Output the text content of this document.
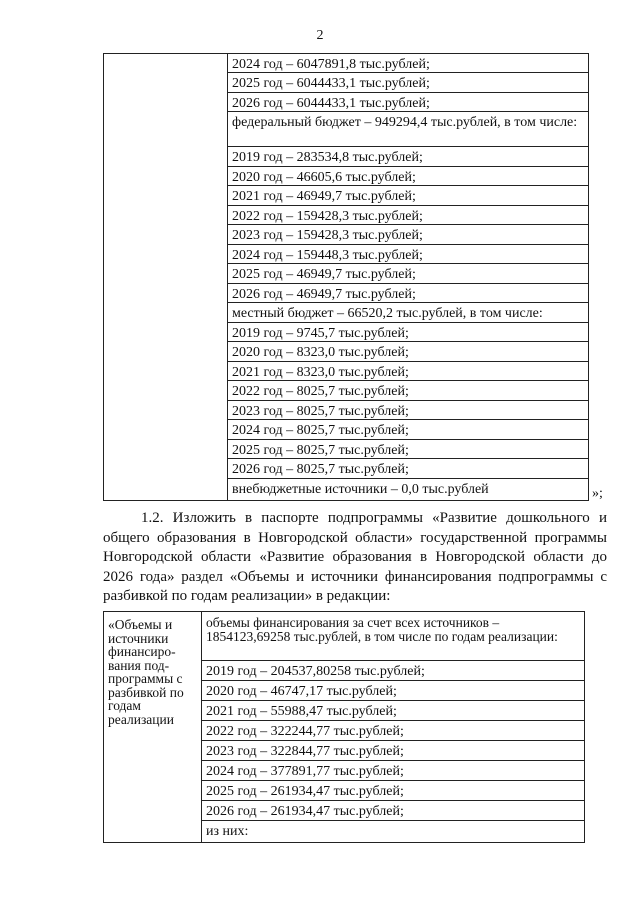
2
2024 год – 6047891,8 тыс.рублей;
2025 год – 6044433,1 тыс.рублей;
2026 год – 6044433,1 тыс.рублей;
федеральный бюджет – 949294,4 тыс.рублей, в том числе:
2019 год – 283534,8 тыс.рублей;
2020 год – 46605,6 тыс.рублей;
2021 год – 46949,7 тыс.рублей;
2022 год – 159428,3 тыс.рублей;
2023 год – 159428,3 тыс.рублей;
2024 год – 159448,3 тыс.рублей;
2025 год – 46949,7 тыс.рублей;
2026 год – 46949,7 тыс.рублей;
местный бюджет – 66520,2 тыс.рублей, в том числе:
2019 год – 9745,7 тыс.рублей;
2020 год – 8323,0 тыс.рублей;
2021 год – 8323,0 тыс.рублей;
2022 год – 8025,7 тыс.рублей;
2023 год – 8025,7 тыс.рублей;
2024 год – 8025,7 тыс.рублей;
2025 год – 8025,7 тыс.рублей;
2026 год – 8025,7 тыс.рублей;
внебюджетные источники – 0,0 тыс.рублей	»;
1.2. Изложить в паспорте подпрограммы «Развитие дошкольного и общего образования в Новгородской области» государственной программы Новгородской области «Развитие образования в Новгородской области до 2026 года» раздел «Объемы и источники финансирования подпрограммы с разбивкой по годам реализации» в редакции:
«Объемы и источники финансиро-вания под-программы с разбивкой по годам реализации
объемы финансирования за счет всех источников – 1854123,69258 тыс.рублей, в том числе по годам реализации:
2019 год – 204537,80258 тыс.рублей;
2020 год – 46747,17 тыс.рублей;
2021 год – 55988,47 тыс.рублей;
2022 год – 322244,77 тыс.рублей;
2023 год – 322844,77 тыс.рублей;
2024 год – 377891,77 тыс.рублей;
2025 год – 261934,47 тыс.рублей;
2026 год – 261934,47 тыс.рублей;
из них:
